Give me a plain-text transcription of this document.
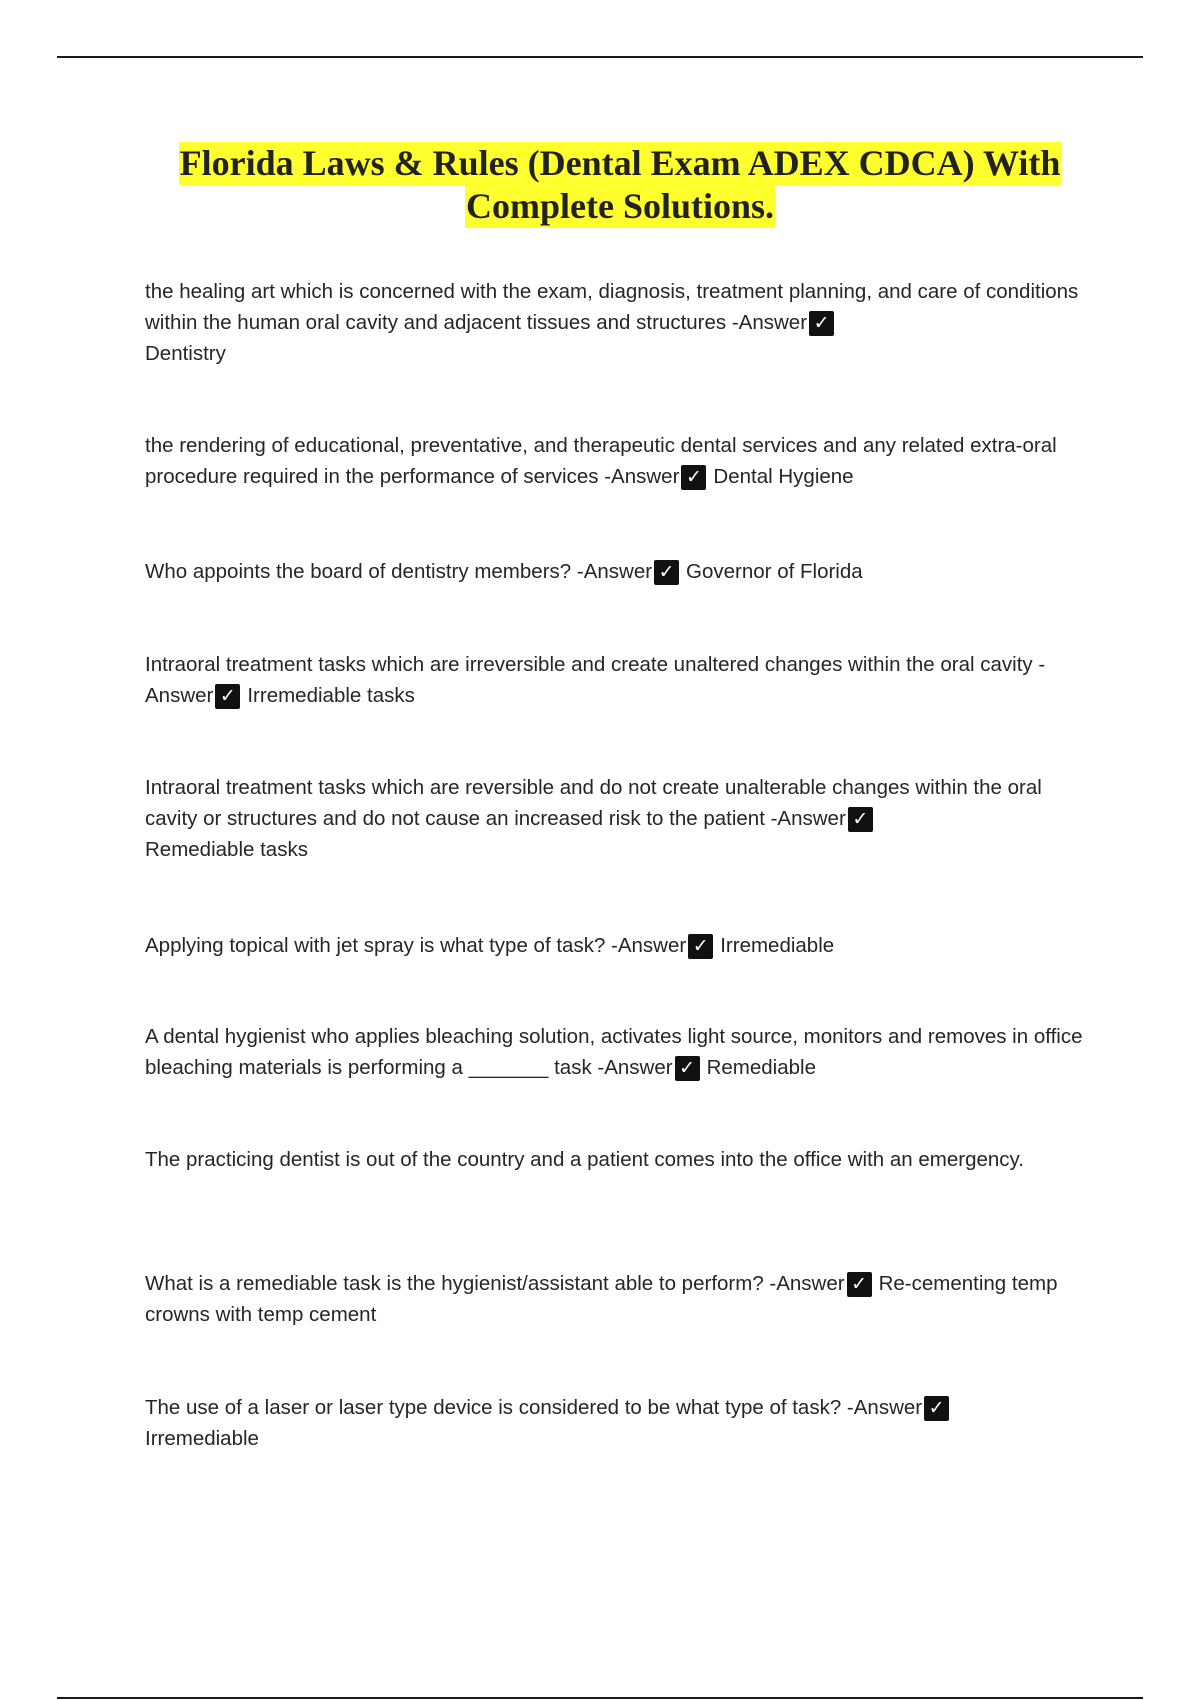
Florida Laws & Rules (Dental Exam ADEX CDCA) With
Complete Solutions.
the healing art which is concerned with the exam, diagnosis, treatment planning, and care of conditions within the human oral cavity and adjacent tissues and structures -Answer ✓
Dentistry
the rendering of educational, preventative, and therapeutic dental services and any related extra-oral procedure required in the performance of services -Answer ✓ Dental Hygiene
Who appoints the board of dentistry members? -Answer ✓ Governor of Florida
Intraoral treatment tasks which are irreversible and create unaltered changes within the oral cavity -Answer ✓ Irremediable tasks
Intraoral treatment tasks which are reversible and do not create unalterable changes within the oral cavity or structures and do not cause an increased risk to the patient -Answer ✓
Remediable tasks
Applying topical with jet spray is what type of task? -Answer ✓ Irremediable
A dental hygienist who applies bleaching solution, activates light source, monitors and removes in office bleaching materials is performing a _______ task -Answer ✓ Remediable
The practicing dentist is out of the country and a patient comes into the office with an emergency.
What is a remediable task is the hygienist/assistant able to perform? -Answer ✓ Re-cementing temp crowns with temp cement
The use of a laser or laser type device is considered to be what type of task? -Answer ✓
Irremediable
